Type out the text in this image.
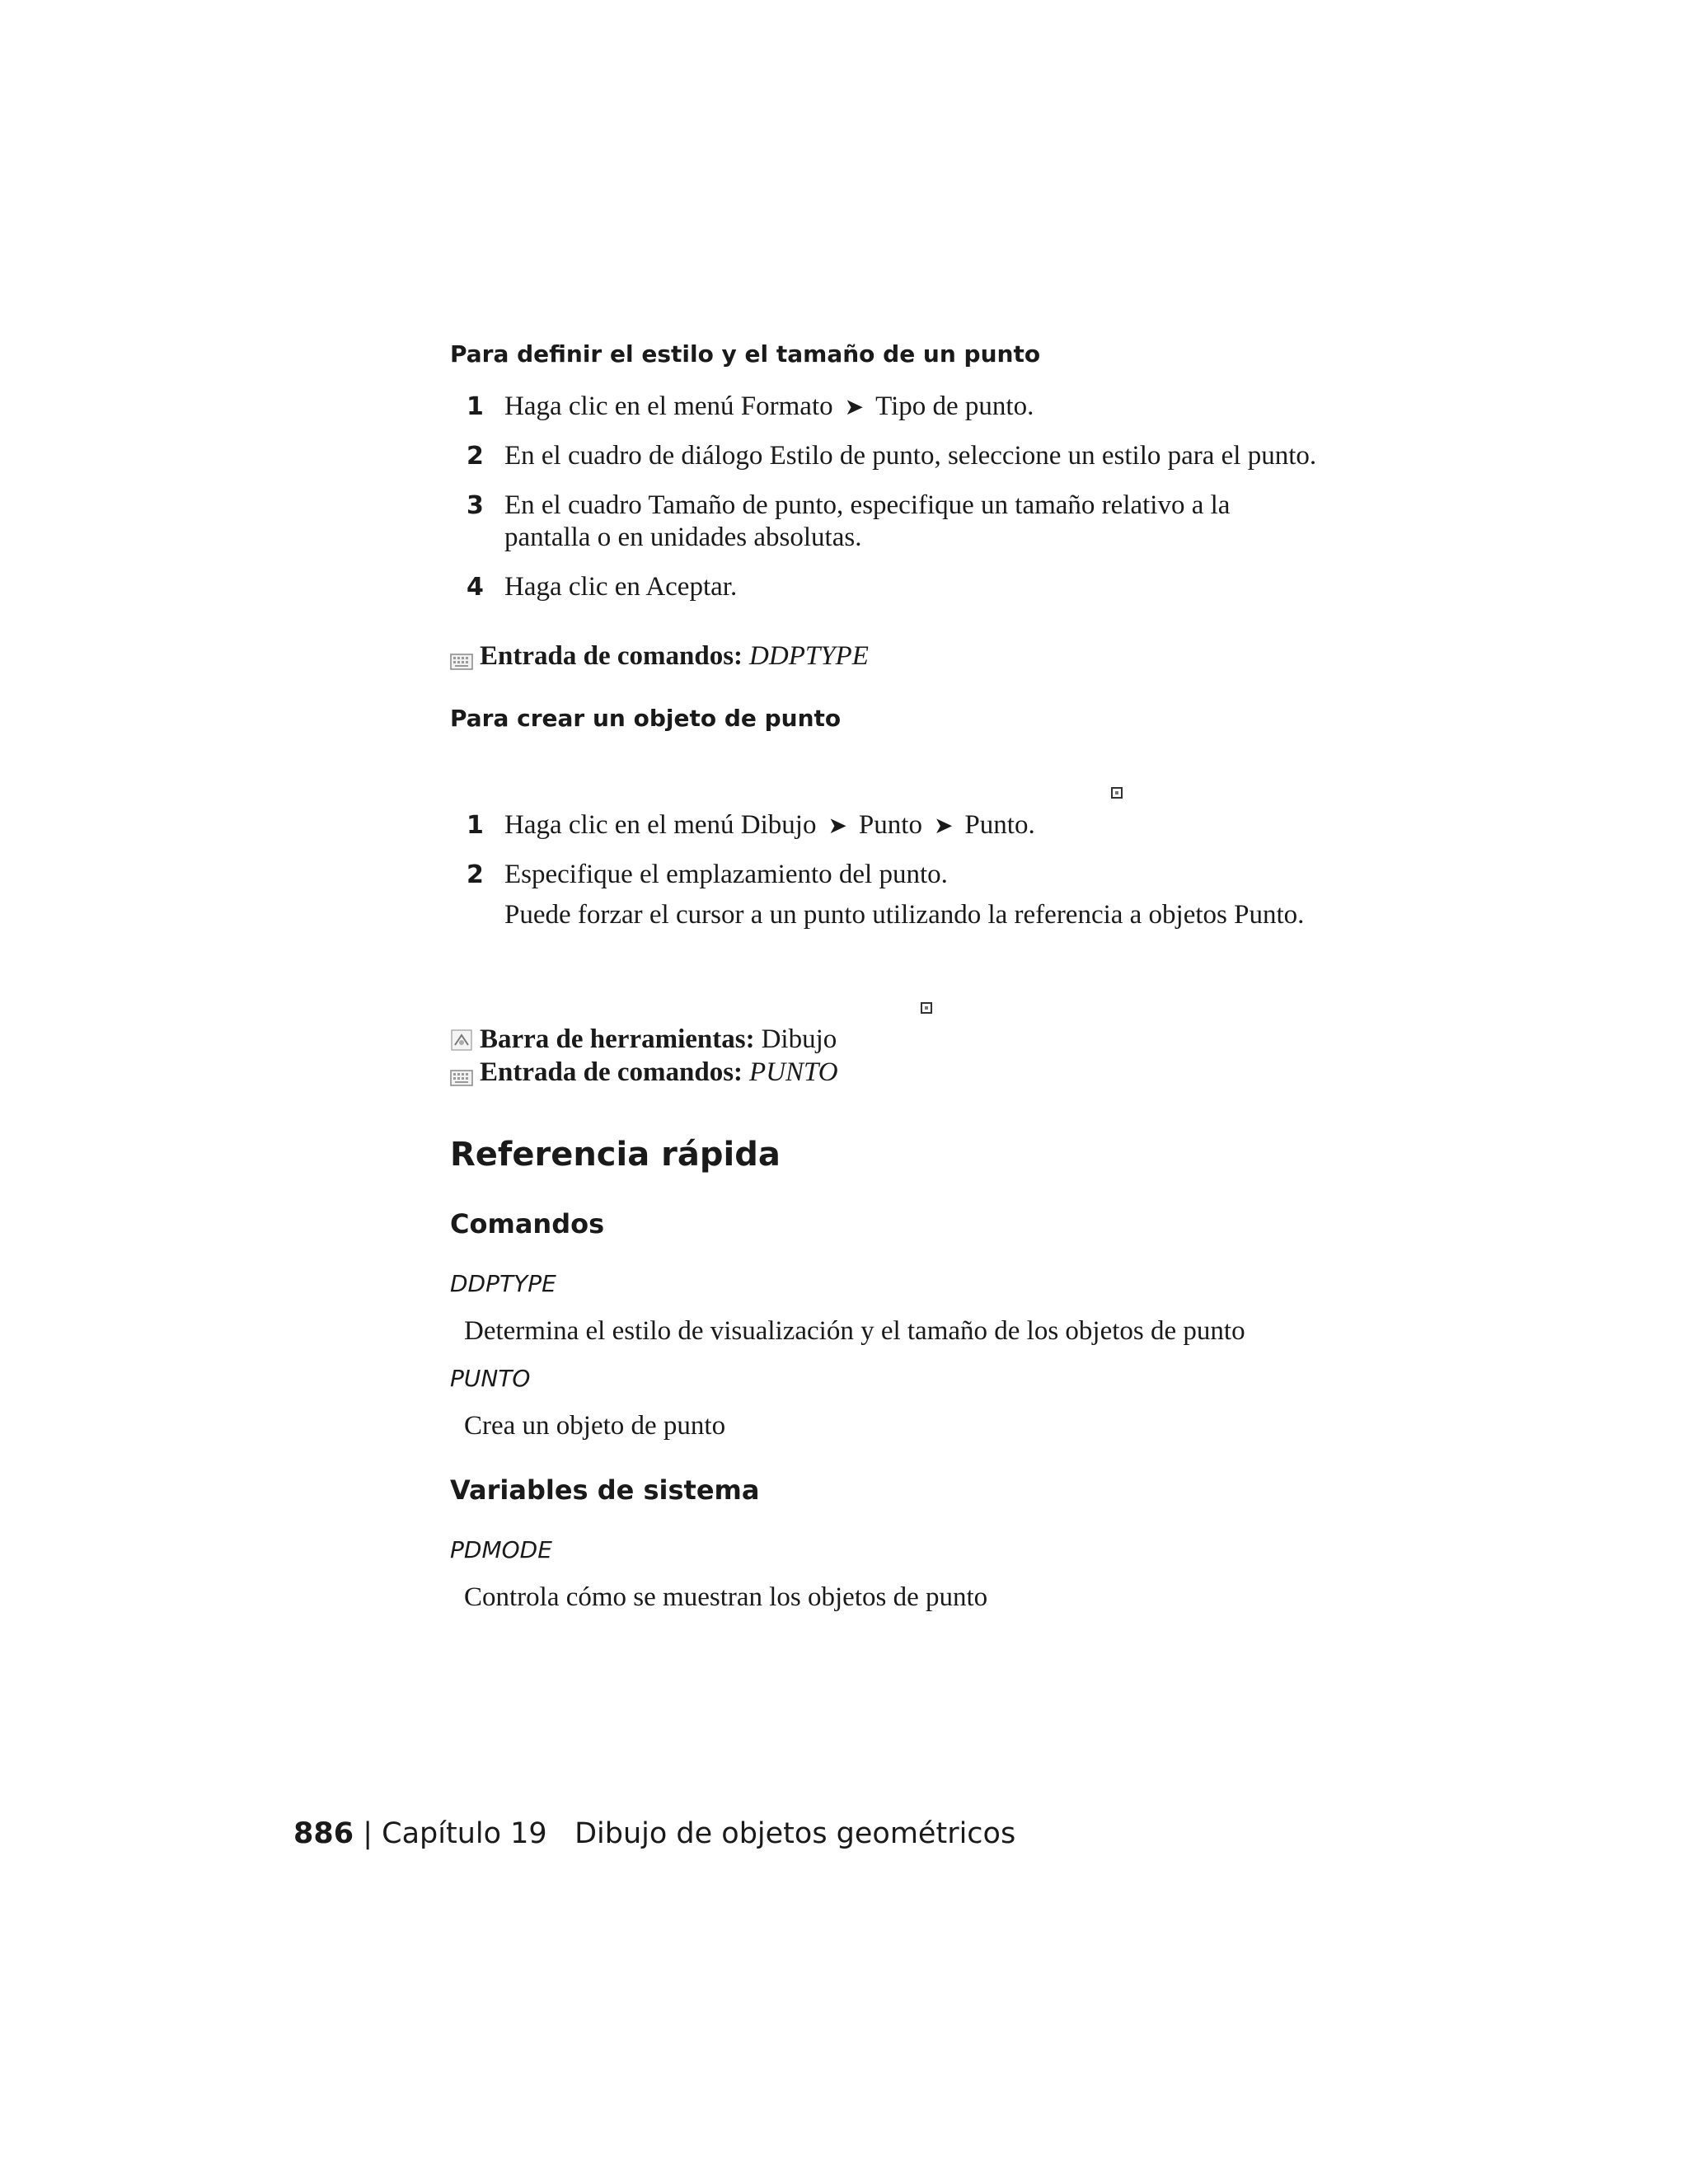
Para definir el estilo y el tamaño de un punto
1 Haga clic en el menú Formato ➤ Tipo de punto.
2 En el cuadro de diálogo Estilo de punto, seleccione un estilo para el punto.
3 En el cuadro Tamaño de punto, especifique un tamaño relativo a la
pantalla o en unidades absolutas.
4 Haga clic en Aceptar.
Entrada de comandos: DDPTYPE
Para crear un objeto de punto
1 Haga clic en el menú Dibujo ➤ Punto ➤ Punto.
2 Especifique el emplazamiento del punto.
Puede forzar el cursor a un punto utilizando la referencia a objetos Punto.
Barra de herramientas: Dibujo
Entrada de comandos: PUNTO
Referencia rápida
Comandos
DDPTYPE
Determina el estilo de visualización y el tamaño de los objetos de punto
PUNTO
Crea un objeto de punto
Variables de sistema
PDMODE
Controla cómo se muestran los objetos de punto
886 | Capítulo 19 Dibujo de objetos geométricos
